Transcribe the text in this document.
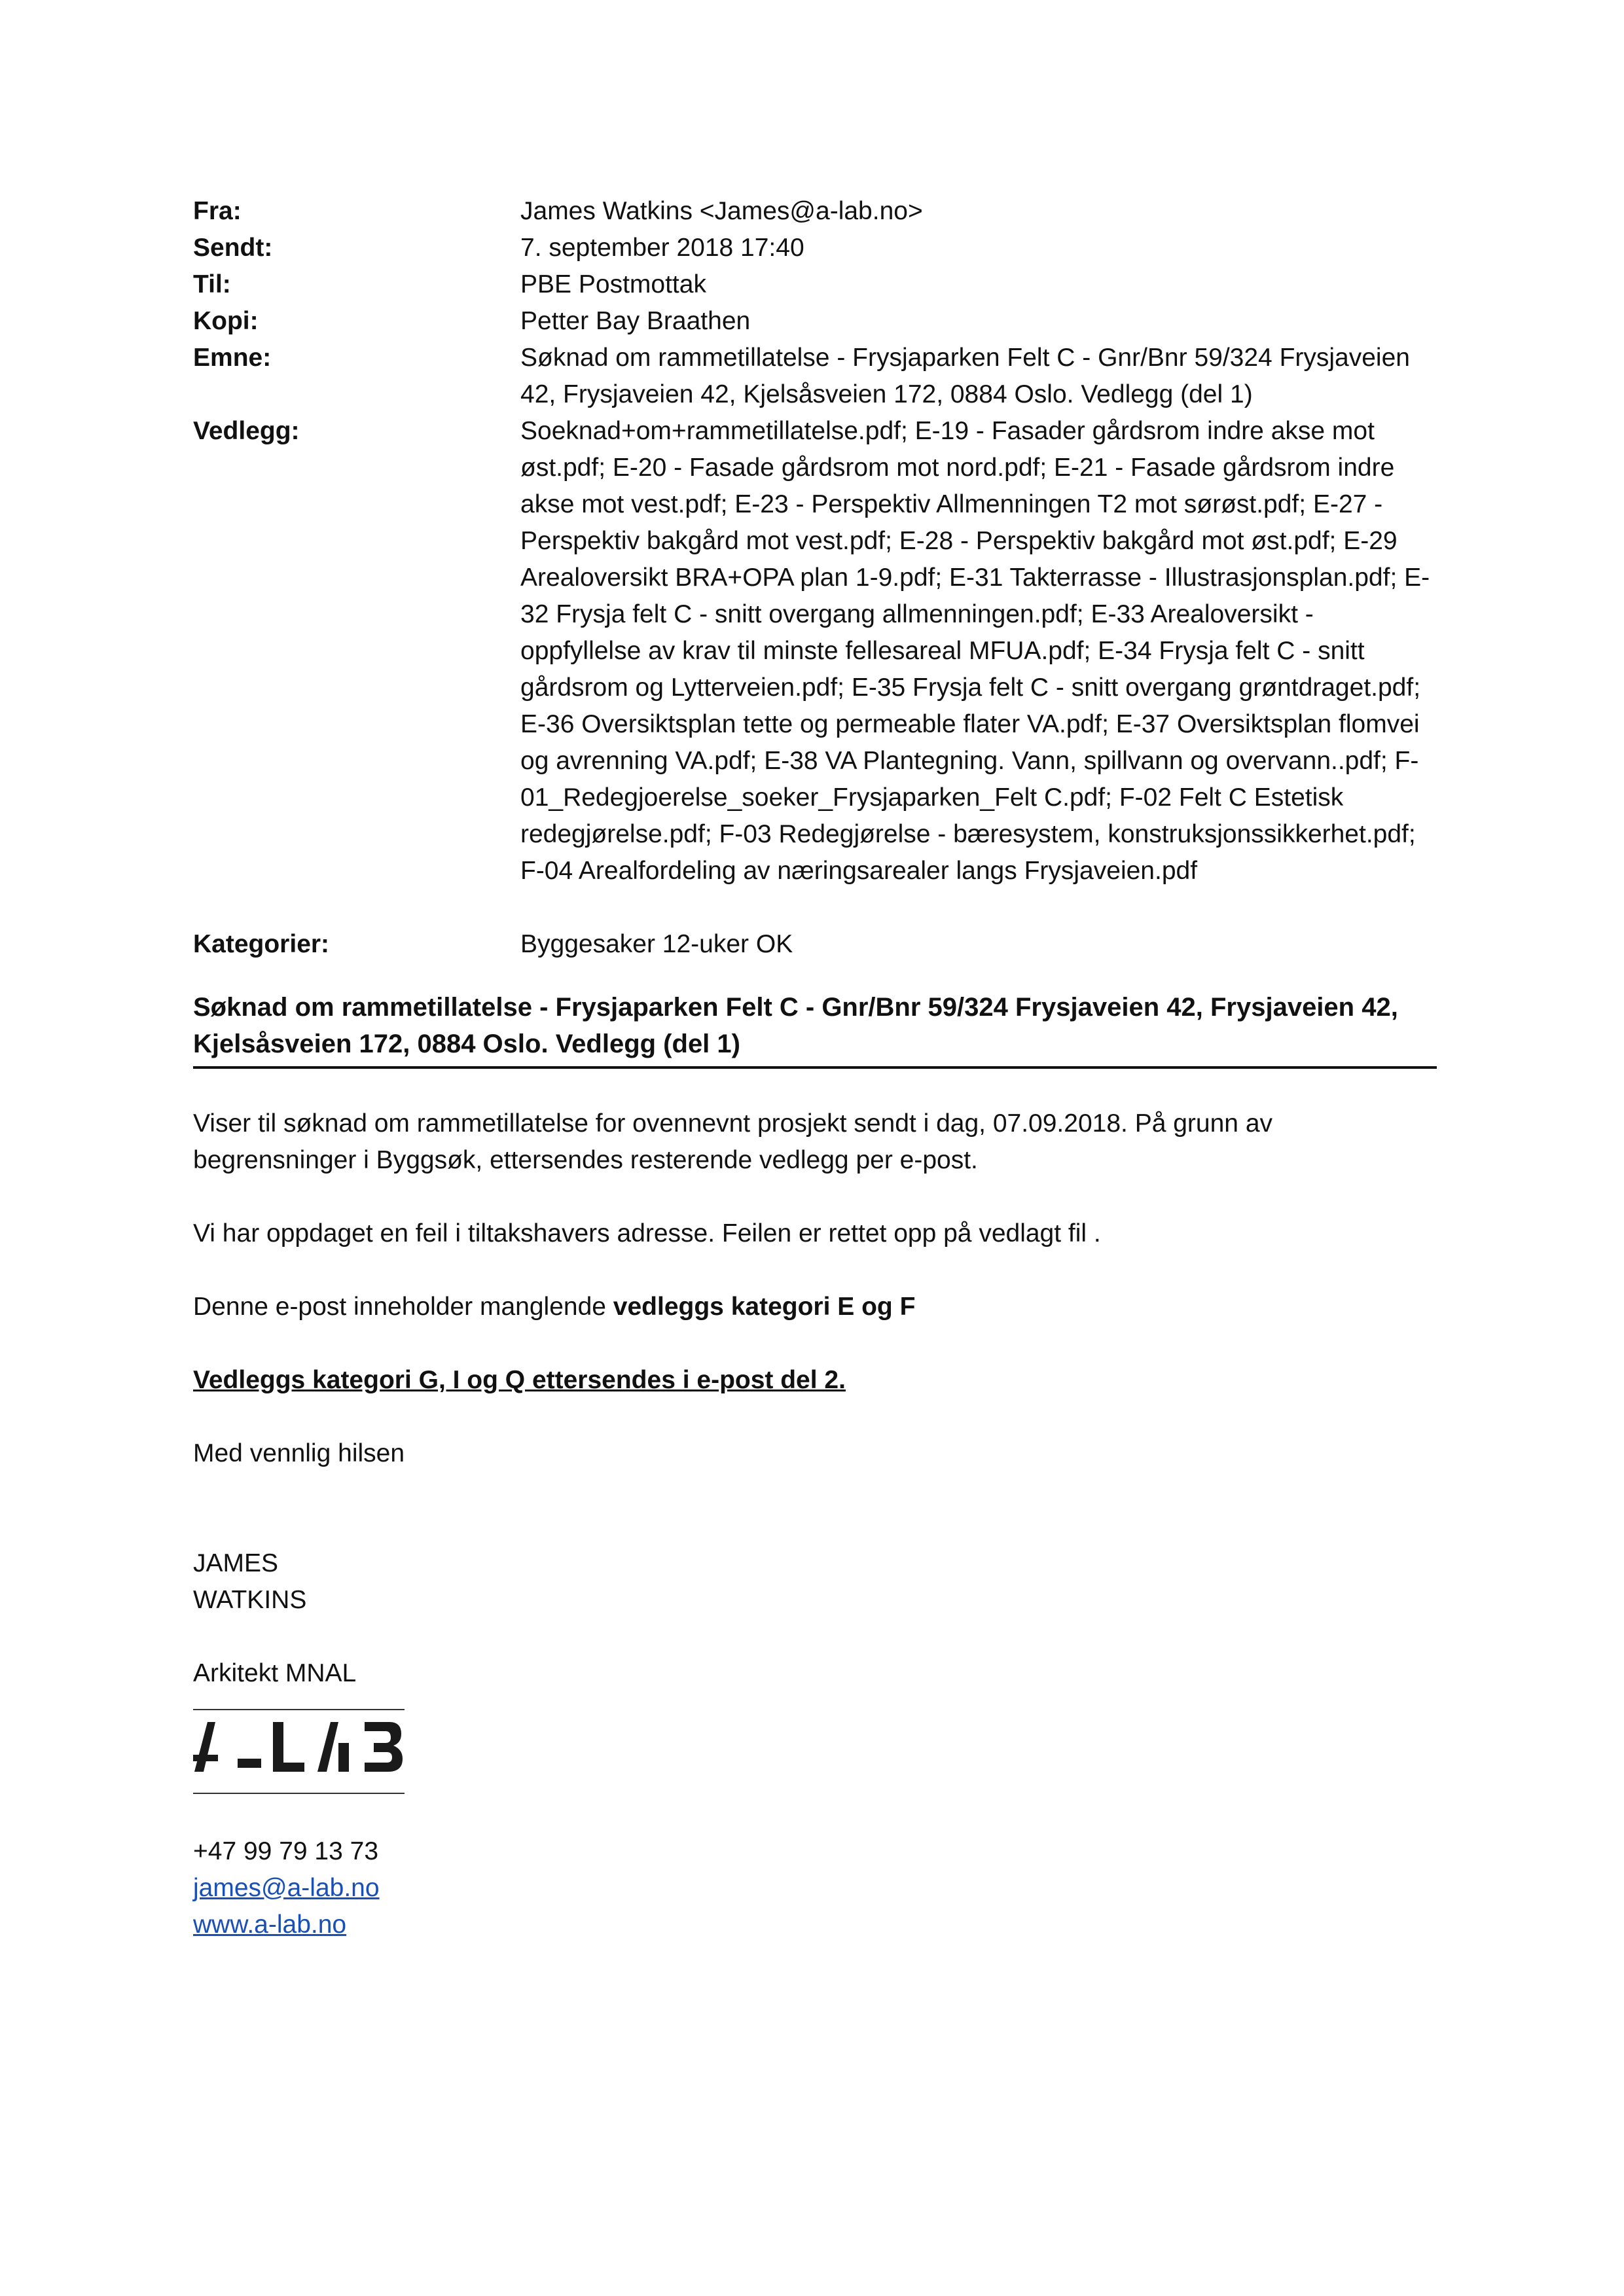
Fra:	James Watkins <James@a-lab.no>
Sendt:	7. september 2018 17:40
Til:	PBE Postmottak
Kopi:	Petter Bay Braathen
Emne:	Søknad om rammetillatelse - Frysjaparken Felt C - Gnr/Bnr 59/324 Frysjaveien 42, Frysjaveien 42, Kjelsåsveien 172, 0884 Oslo. Vedlegg (del 1)
Vedlegg:	Soeknad+om+rammetillatelse.pdf; E-19 - Fasader gårdsrom indre akse mot øst.pdf; E-20 - Fasade gårdsrom mot nord.pdf; E-21 - Fasade gårdsrom indre akse mot vest.pdf; E-23 - Perspektiv Allmenningen T2 mot sørøst.pdf; E-27 - Perspektiv bakgård mot vest.pdf; E-28 - Perspektiv bakgård mot øst.pdf; E-29 Arealoversikt BRA+OPA plan 1-9.pdf; E-31 Takterrasse - Illustrasjonsplan.pdf; E-32 Frysja felt C - snitt overgang allmenningen.pdf; E-33 Arealoversikt - oppfyllelse av krav til minste fellesareal MFUA.pdf; E-34 Frysja felt C - snitt gårdsrom og Lytterveien.pdf; E-35 Frysja felt C - snitt overgang grøntdraget.pdf; E-36 Oversiktsplan tette og permeable flater VA.pdf; E-37 Oversiktsplan flomvei og avrenning VA.pdf; E-38 VA Plantegning. Vann, spillvann og overvann..pdf; F-01_Redegjoerelse_soeker_Frysjaparken_Felt C.pdf; F-02 Felt C Estetisk redegjørelse.pdf; F-03 Redegjørelse - bæresystem, konstruksjonssikkerhet.pdf; F-04 Arealfordeling av næringsarealer langs Frysjaveien.pdf
Kategorier:	Byggesaker 12-uker OK
Søknad om rammetillatelse - Frysjaparken Felt C - Gnr/Bnr 59/324 Frysjaveien 42, Frysjaveien 42, Kjelsåsveien 172, 0884 Oslo. Vedlegg (del 1)
Viser til søknad om rammetillatelse for ovennevnt prosjekt sendt i dag, 07.09.2018. På grunn av begrensninger i Byggsøk, ettersendes resterende vedlegg per e-post.
Vi har oppdaget en feil i tiltakshavers adresse. Feilen er rettet opp på vedlagt fil .
Denne e-post inneholder manglende vedleggs kategori E og F
Vedleggs kategori G, I og Q ettersendes i e-post del 2.
Med vennlig hilsen
JAMES
WATKINS
Arkitekt MNAL
+47 99 79 13 73
james@a-lab.no
www.a-lab.no
